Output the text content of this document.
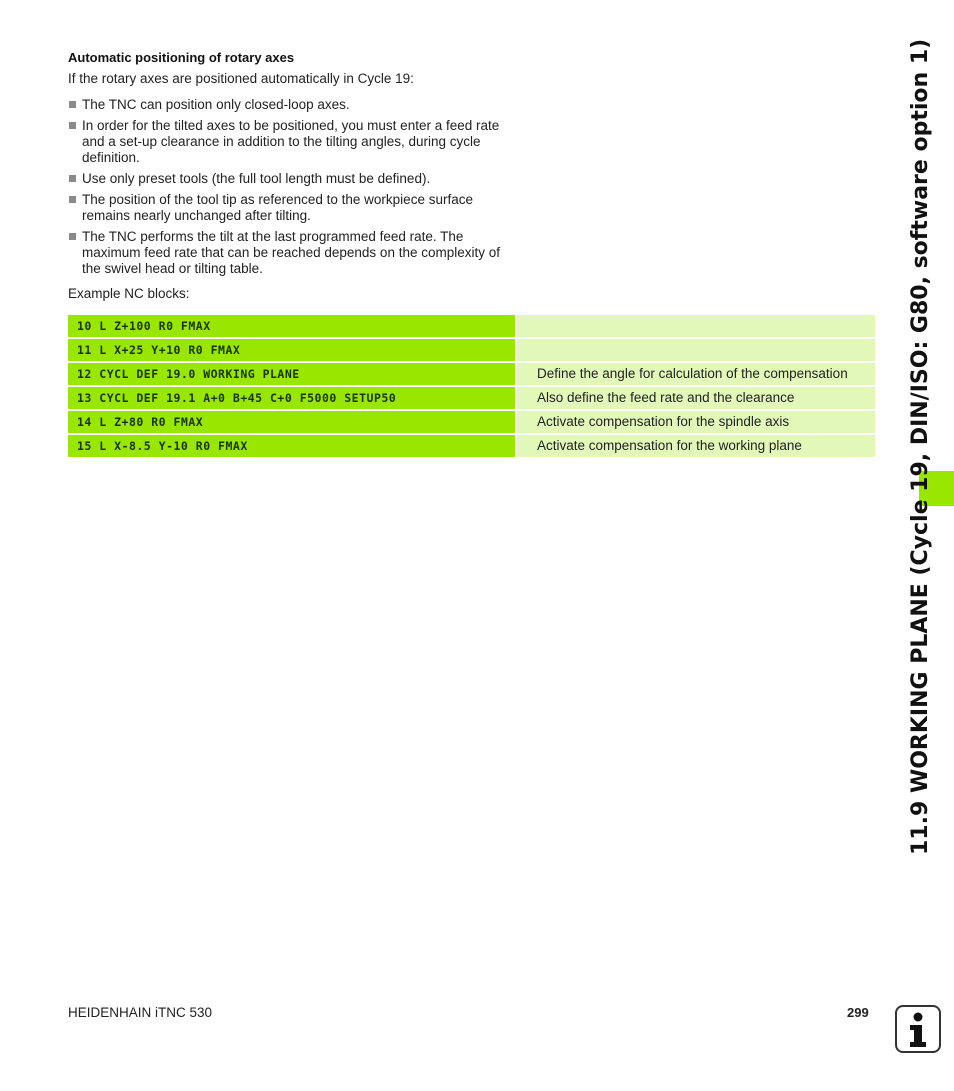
Automatic positioning of rotary axes
If the rotary axes are positioned automatically in Cycle 19:
The TNC can position only closed-loop axes.
In order for the tilted axes to be positioned, you must enter a feed rate and a set-up clearance in addition to the tilting angles, during cycle definition.
Use only preset tools (the full tool length must be defined).
The position of the tool tip as referenced to the workpiece surface remains nearly unchanged after tilting.
The TNC performs the tilt at the last programmed feed rate. The maximum feed rate that can be reached depends on the complexity of the swivel head or tilting table.
Example NC blocks:
10 L Z+100 R0 FMAX
11 L X+25 Y+10 R0 FMAX
12 CYCL DEF 19.0 WORKING PLANE	Define the angle for calculation of the compensation
13 CYCL DEF 19.1 A+0 B+45 C+0 F5000 SETUP50	Also define the feed rate and the clearance
14 L Z+80 R0 FMAX	Activate compensation for the spindle axis
15 L X-8.5 Y-10 R0 FMAX	Activate compensation for the working plane	11.9 WORKING PLANE (Cycle 19, DIN/ISO: G80, software option 1)
HEIDENHAIN iTNC 530	299
